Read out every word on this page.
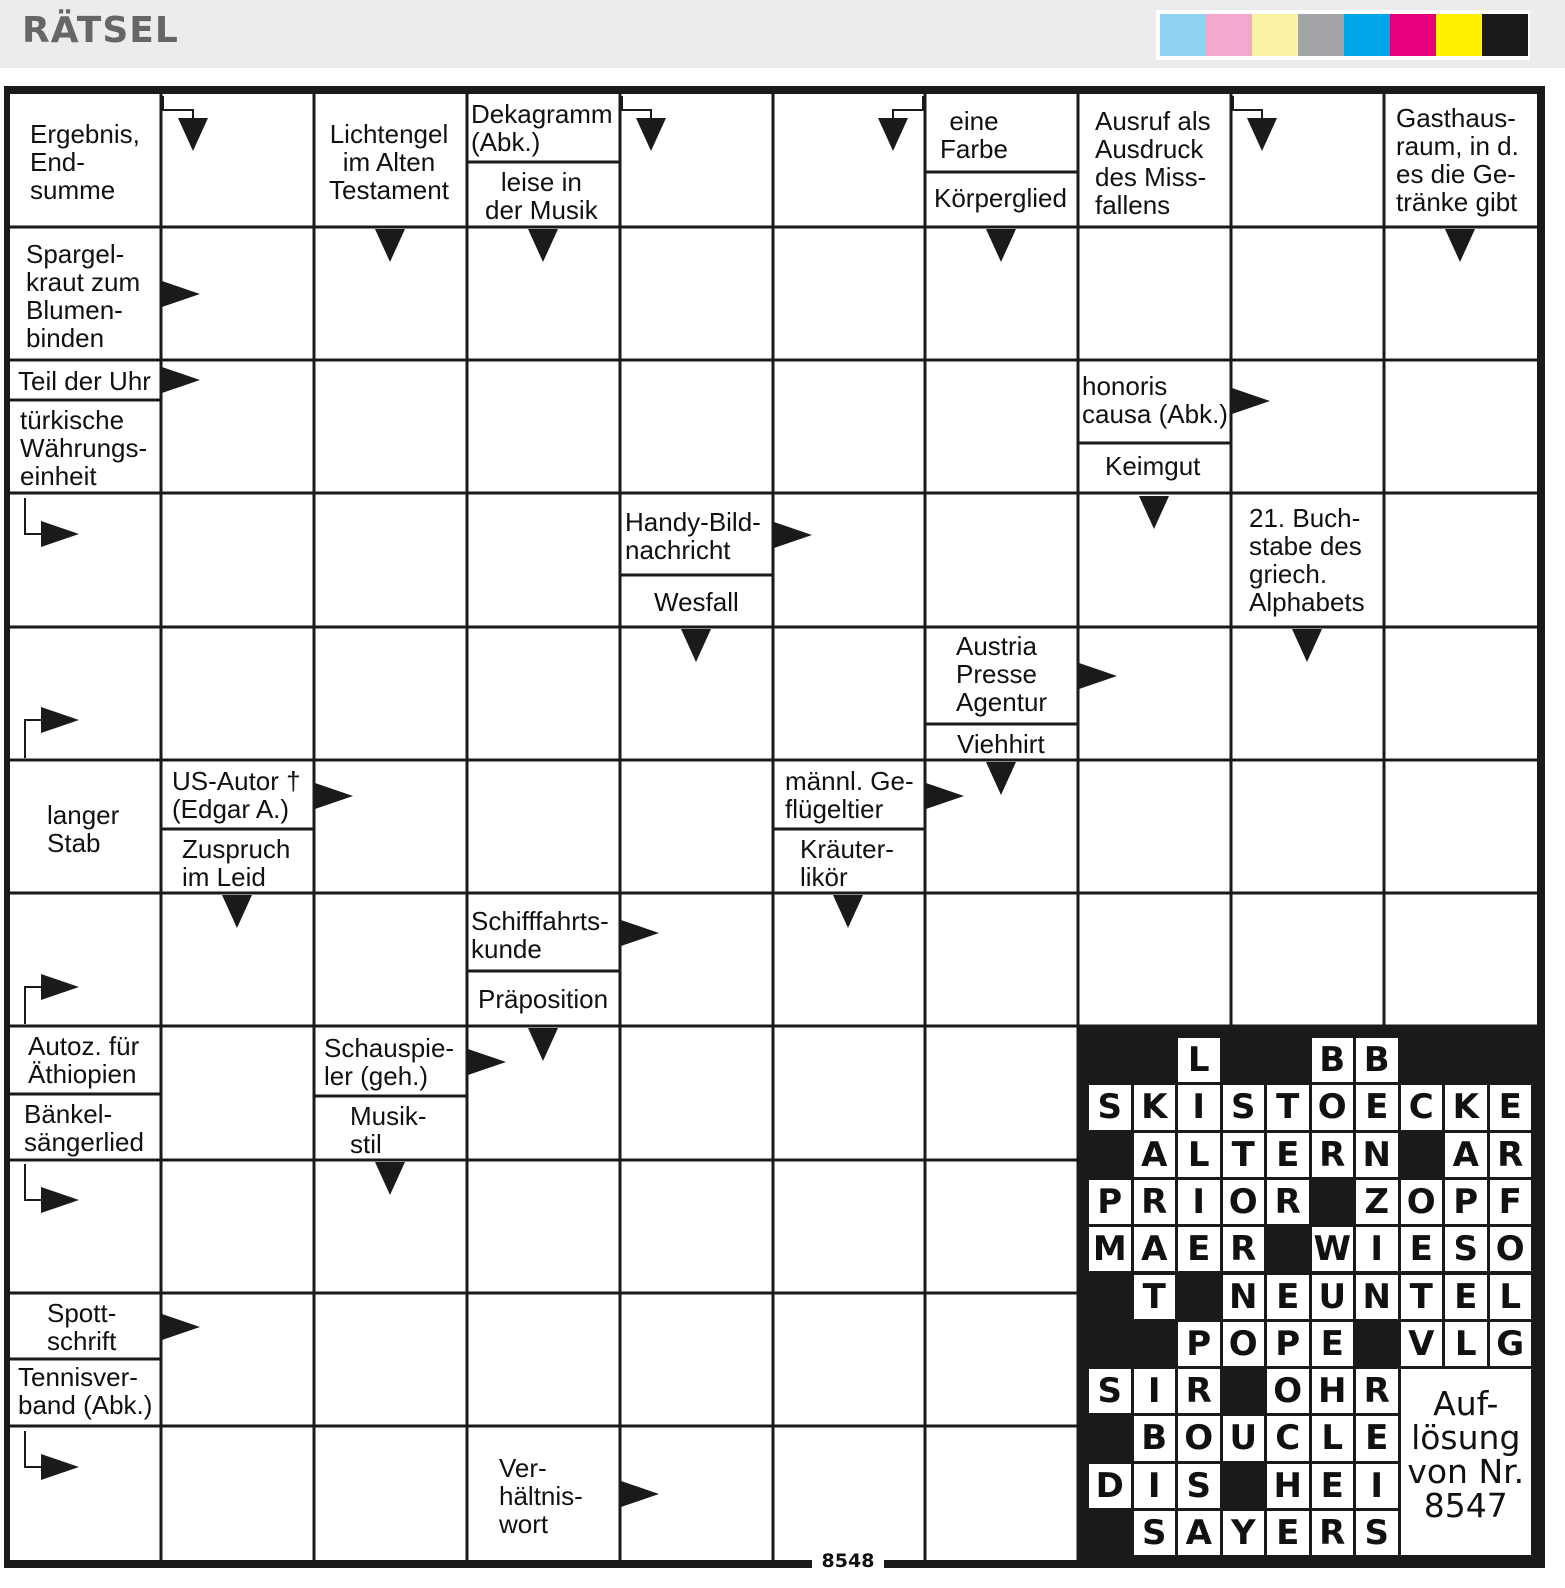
RÄTSEL
Ergebnis,
End-
summe
Lichtengel
im Alten
Testament
Dekagramm
(Abk.)
leise in
der Musik
eine
Farbe
Körperglied
Ausruf als
Ausdruck
des Miss-
fallens
Gasthaus-
raum, in d.
es die Ge-
tränke gibt
Spargel-
kraut zum
Blumen-
binden
Teil der Uhr
türkische
Währungs-
einheit
honoris
causa (Abk.)
Keimgut
Handy-Bild-
nachricht
Wesfall
21. Buch-
stabe des
griech.
Alphabets
Austria
Presse
Agentur
Viehhirt
langer
Stab
US-Autor †
(Edgar A.)
Zuspruch
im Leid
männl. Ge-
flügeltier
Kräuter-
likör
Schifffahrts-
kunde
Präposition
Autoz. für
Äthiopien
Bänkel-
sängerlied
Schauspie-
ler (geh.)
Musik-
stil
Spott-
schrift
Tennisver-
band (Abk.)
Ver-
hältnis-
wort
L	B B
S K I S T O E C K E
A L T E R N A R
P R I O R Z O P F
M A E R W I E S O
T N E U N T E L
P O P E V L G
S I R O H R
B O U C L E
D I S H E I
S A Y E R S
Auf-
lösung
von Nr.
8547
8548
